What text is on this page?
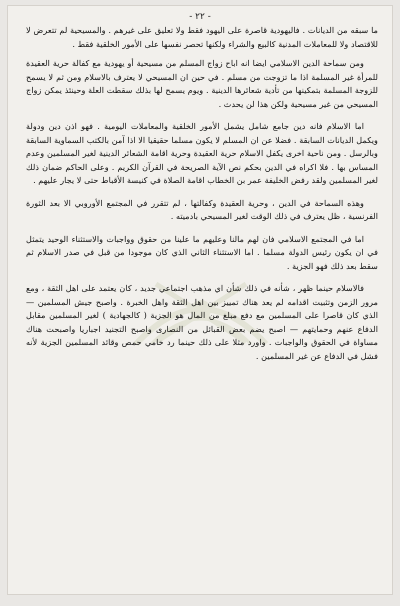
- ٢٢ -

ما سبقه من الديانات . فاليهودية قاصرة على اليهود فقط ولا تعليق على غيرهم . والمسيحية لم تتعرض لا للاقتصاد ولا للمعاملات المدنية كالبيع والشراء ولكنها تحصر نفسها على الأمور الخلقية فقط .

ومن سماحة الدين الاسلامي ايضا انه اباح زواج المسلم من مسيحية أو يهودية مع كفالة حرية العقيدة للمرأة غير المسلمة اذا ما تزوجت من مسلم . في حين ان المسيحي لا يعترف بالاسلام ومن ثم لا يسمح للزوجة المسلمة بتمكينها من تأدية شعائرها الدينية . ويوم يسمح لها بذلك سقطت العلة وحينئذ يمكن زواج المسيحي من غير مسيحية ولكن هذا لن يحدث .

اما الاسلام فانه دين جامع شامل يشمل الأمور الخلقية والمعاملات اليومية . فهو اذن دين ودولة ويكمل الديانات السابقة . فضلا عن ان المسلم لا يكون مسلما حقيقيا الا اذا آمن بالكتب السماوية السابقة وبالرسل . ومن ناحية اخرى يكفل الاسلام حرية العقيدة وحرية اقامة الشعائر الدينية لغير المسلمين وعدم المساس بها . فلا اكراه في الدين بحكم نص الآية الصريحة في القرآن الكريم . وعلى الحاكم ضمان ذلك لغير المسلمين ولقد رفض الخليفة عمر بن الخطاب اقامة الصلاة في كنيسة الأقباط حتى لا يجار عليهم .

وهذه السماحة في الدين ، وحرية العقيدة وكفالتها ، لم تتقرر في المجتمع الأوروبي الا بعد الثورة الفرنسية ، ظل يعترف في ذلك الوقت لغير المسيحي بادميته .

اما في المجتمع الاسلامي فان لهم مالنا وعليهم ما علينا من حقوق وواجبات والاستثناء الوحيد يتمثل في ان يكون رئيس الدولة مسلما . اما الاستثناء الثاني الذي كان موجودا من قبل في صدر الاسلام ثم سقط بعد ذلك فهو الجزية .

فالاسلام حينما ظهر ، شأنه في ذلك شأن اي مذهب اجتماعي جديد ، كان يعتمد على اهل الثقة ، ومع مرور الزمن وتثبيت اقدامه لم يعد هناك تمييز بين اهل الثقة واهل الخبرة . واصبح جيش المسلمين — الذي كان قاصرا على المسلمين مع دفع مبلغ من المال هو الجزية ( كالجهادية ) لغير المسلمين مقابل الدفاع عنهم وحمايتهم — اصبح يضم بعض القبائل من النصارى واصبح التجنيد اجباريا واصبحت هناك مساواة في الحقوق والواجبات . واورد مثلا على ذلك حينما رد خامي حمص وقائد المسلمين الجزية لأنه فشل في الدفاع عن غير المسلمين .
